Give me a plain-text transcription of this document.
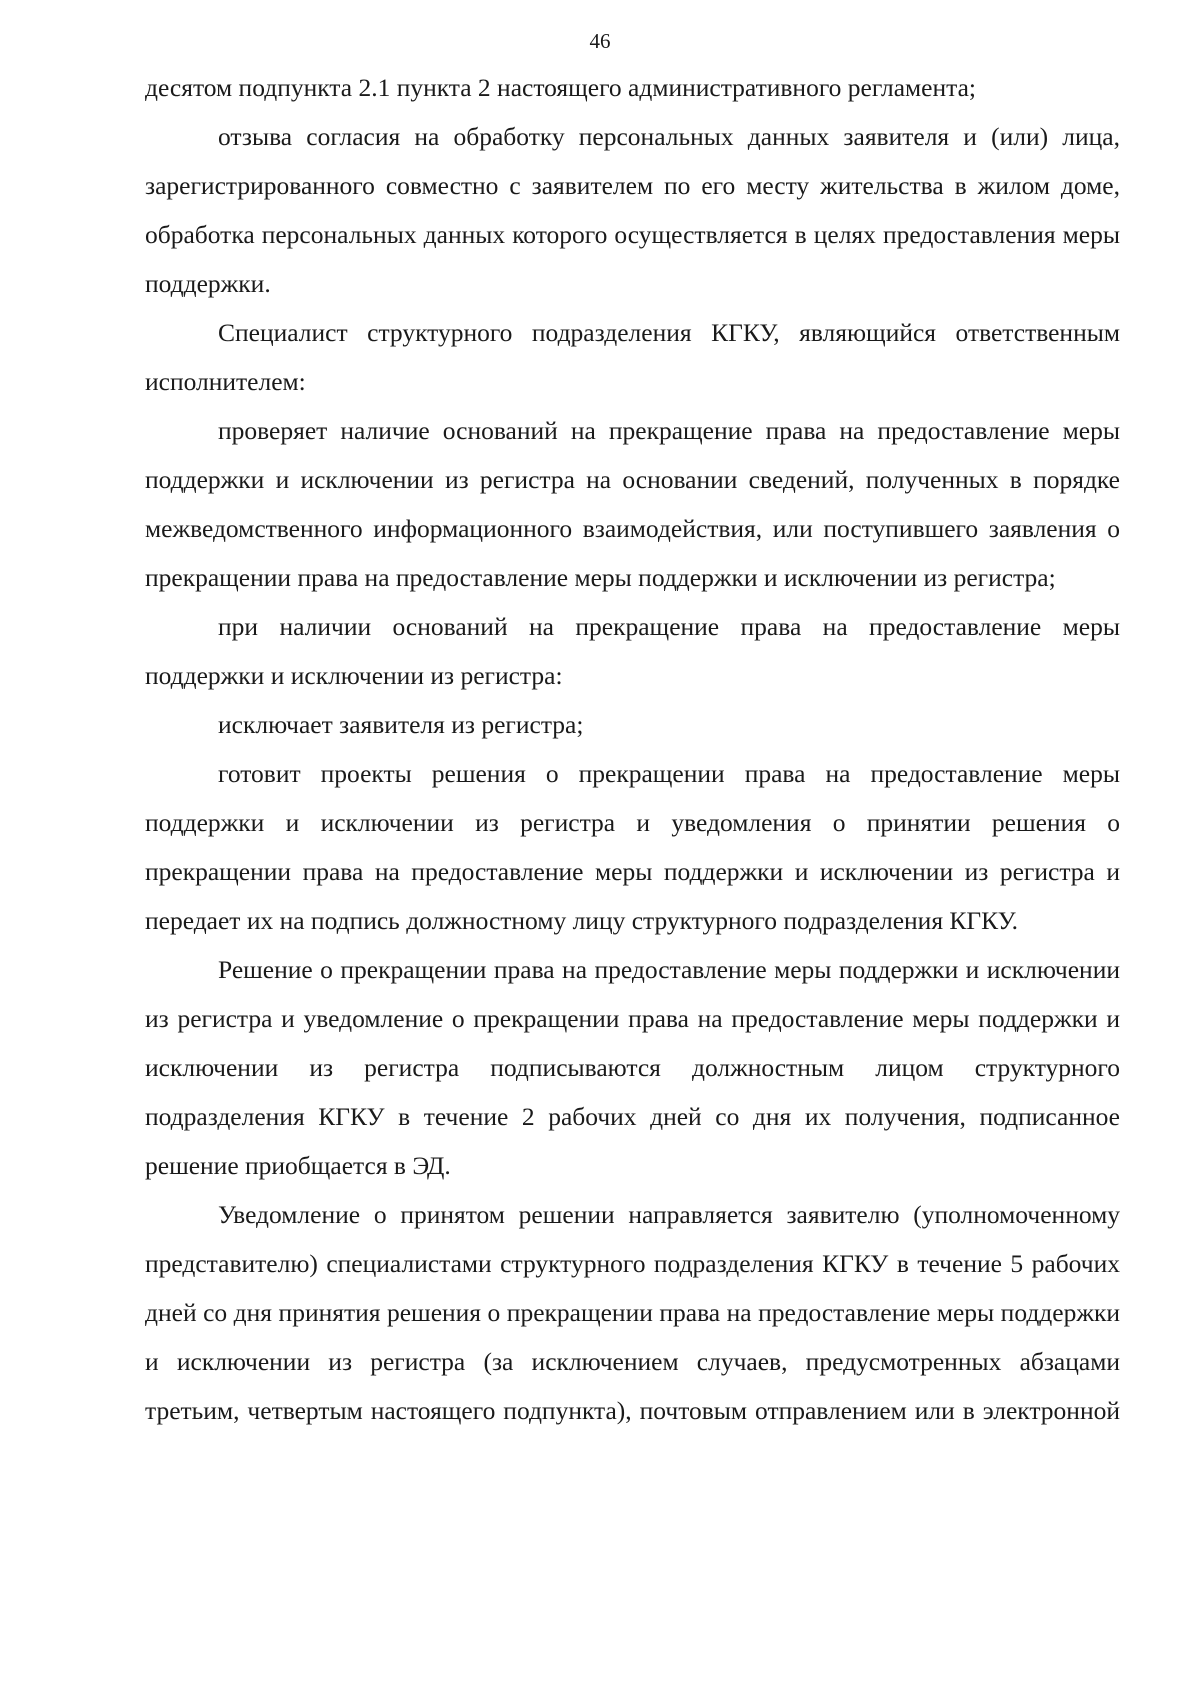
46

десятом подпункта 2.1 пункта 2 настоящего административного регламента;

отзыва согласия на обработку персональных данных заявителя и (или) лица, зарегистрированного совместно с заявителем по его месту жительства в жилом доме, обработка персональных данных которого осуществляется в целях предоставления меры поддержки.

Специалист структурного подразделения КГКУ, являющийся ответственным исполнителем:

проверяет наличие оснований на прекращение права на предоставление меры поддержки и исключении из регистра на основании сведений, полученных в порядке межведомственного информационного взаимодействия, или поступившего заявления о прекращении права на предоставление меры поддержки и исключении из регистра;

при наличии оснований на прекращение права на предоставление меры поддержки и исключении из регистра:

исключает заявителя из регистра;

готовит проекты решения о прекращении права на предоставление меры поддержки и исключении из регистра и уведомления о принятии решения о прекращении права на предоставление меры поддержки и исключении из регистра и передает их на подпись должностному лицу структурного подразделения КГКУ.

Решение о прекращении права на предоставление меры поддержки и исключении из регистра и уведомление о прекращении права на предоставление меры поддержки и исключении из регистра подписываются должностным лицом структурного подразделения КГКУ в течение 2 рабочих дней со дня их получения, подписанное решение приобщается в ЭД.

Уведомление о принятом решении направляется заявителю (уполномоченному представителю) специалистами структурного подразделения КГКУ в течение 5 рабочих дней со дня принятия решения о прекращении права на предоставление меры поддержки и исключении из регистра (за исключением случаев, предусмотренных абзацами третьим, четвертым настоящего подпункта), почтовым отправлением или в электронной
